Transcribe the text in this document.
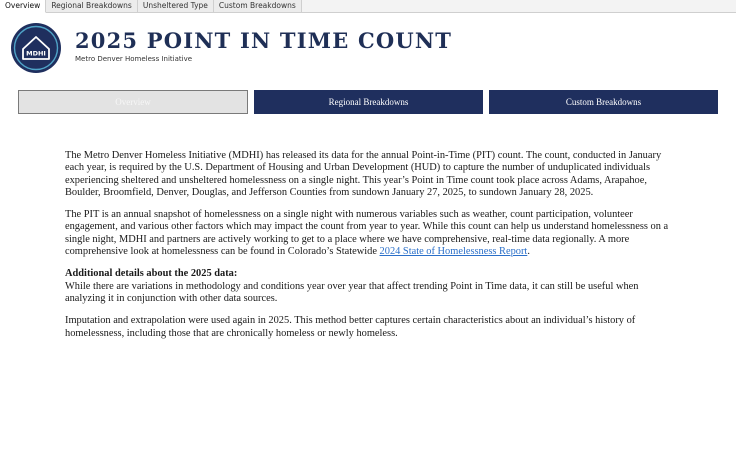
Overview	Regional Breakdowns	Unsheltered Type	Custom Breakdowns
MDHI
2025 POINT IN TIME COUNT
Metro Denver Homeless Initiative
Overview	Regional Breakdowns	Custom Breakdowns

The Metro Denver Homeless Initiative (MDHI) has released its data for the annual Point-in-Time (PIT) count. The count, conducted in January each year, is required by the U.S. Department of Housing and Urban Development (HUD) to capture the number of unduplicated individuals experiencing sheltered and unsheltered homelessness on a single night. This year’s Point in Time count took place across Adams, Arapahoe, Boulder, Broomfield, Denver, Douglas, and Jefferson Counties from sundown January 27, 2025, to sundown January 28, 2025.

The PIT is an annual snapshot of homelessness on a single night with numerous variables such as weather, count participation, volunteer engagement, and various other factors which may impact the count from year to year. While this count can help us understand homelessness on a single night, MDHI and partners are actively working to get to a place where we have comprehensive, real-time data regionally. A more comprehensive look at homelessness can be found in Colorado’s Statewide 2024 State of Homelessness Report.

Additional details about the 2025 data:
While there are variations in methodology and conditions year over year that affect trending Point in Time data, it can still be useful when analyzing it in conjunction with other data sources.

Imputation and extrapolation were used again in 2025. This method better captures certain characteristics about an individual’s history of homelessness, including those that are chronically homeless or newly homeless.
